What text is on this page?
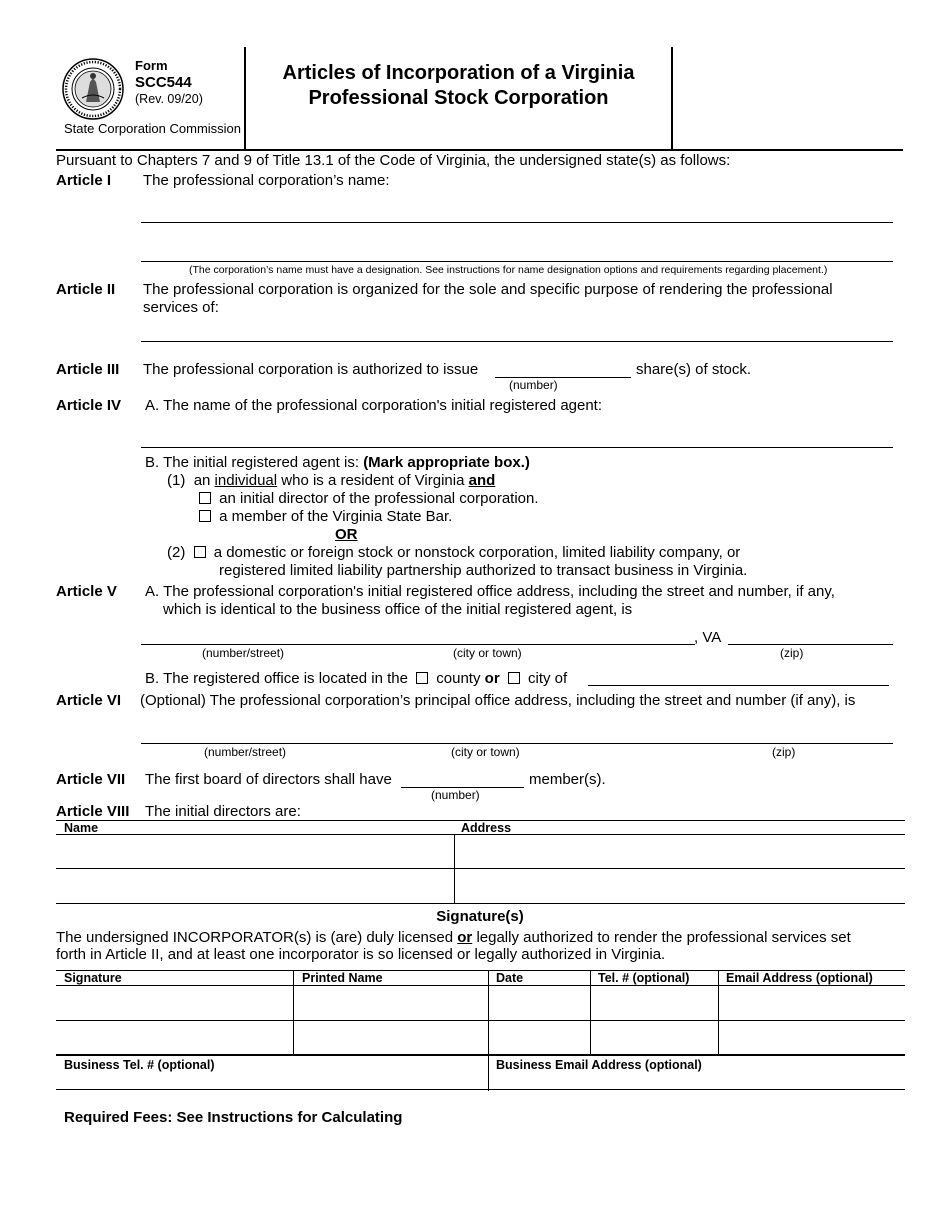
Form
SCC544
(Rev. 09/20)
State Corporation Commission
Articles of Incorporation of a Virginia
Professional Stock Corporation
Pursuant to Chapters 7 and 9 of Title 13.1 of the Code of Virginia, the undersigned state(s) as follows:
Article I The professional corporation’s name:
(The corporation’s name must have a designation. See instructions for name designation options and requirements regarding placement.)
Article II The professional corporation is organized for the sole and specific purpose of rendering the professional
services of:
Article III The professional corporation is authorized to issue	share(s) of stock.
(number)
Article IV A. The name of the professional corporation's initial registered agent:
B. The initial registered agent is: (Mark appropriate box.)
(1) an individual who is a resident of Virginia and
an initial director of the professional corporation.
a member of the Virginia State Bar.
OR
(2) a domestic or foreign stock or nonstock corporation, limited liability company, or
registered limited liability partnership authorized to transact business in Virginia.
Article V A. The professional corporation's initial registered office address, including the street and number, if any,
which is identical to the business office of the initial registered agent, is
, VA
(number/street)	(city or town)	(zip)
B. The registered office is located in the county or city of
Article VI (Optional) The professional corporation’s principal office address, including the street and number (if any), is
(number/street)	(city or town)	(zip)
Article VII The first board of directors shall have	member(s).
(number)
Article VIII The initial directors are:
Name	Address
Signature(s)
The undersigned INCORPORATOR(s) is (are) duly licensed or legally authorized to render the professional services set
forth in Article II, and at least one incorporator is so licensed or legally authorized in Virginia.
Signature	Printed Name	Date	Tel. # (optional)	Email Address (optional)
Business Tel. # (optional)	Business Email Address (optional)
Required Fees: See Instructions for Calculating
